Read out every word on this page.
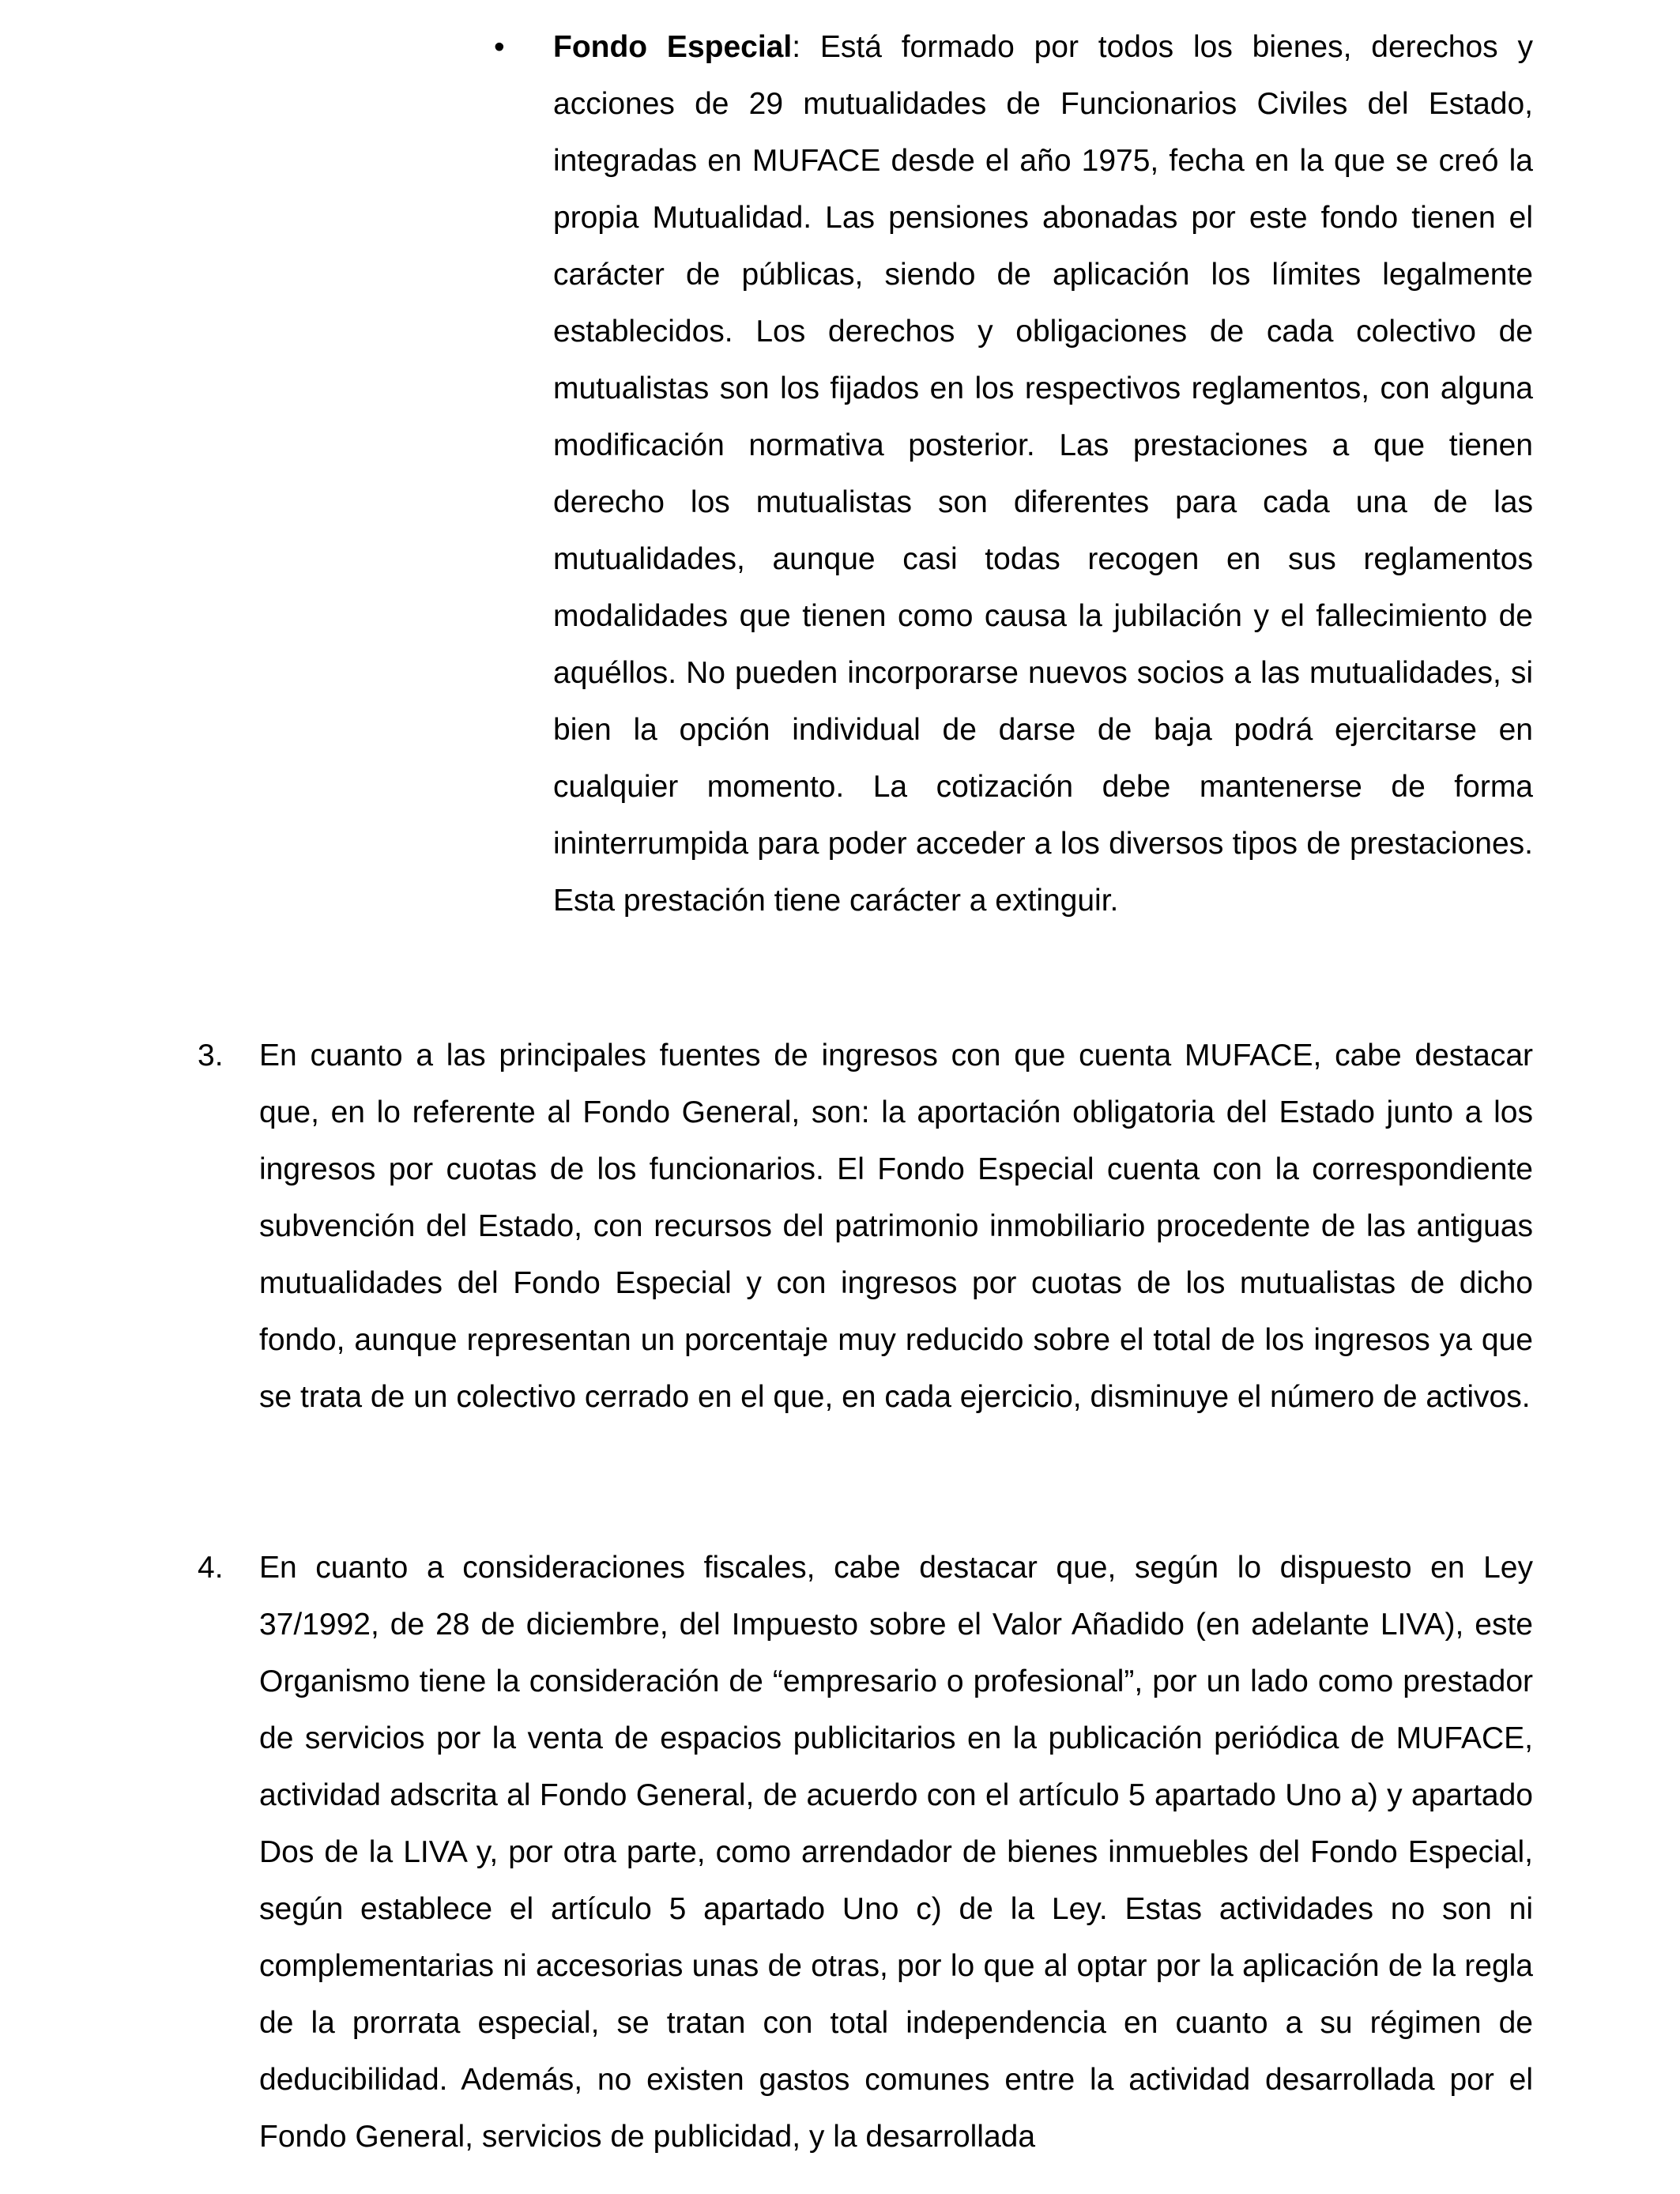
• Fondo Especial: Está formado por todos los bienes, derechos y acciones de 29 mutualidades de Funcionarios Civiles del Estado, integradas en MUFACE desde el año 1975, fecha en la que se creó la propia Mutualidad. Las pensiones abonadas por este fondo tienen el carácter de públicas, siendo de aplicación los límites legalmente establecidos. Los derechos y obligaciones de cada colectivo de mutualistas son los fijados en los respectivos reglamentos, con alguna modificación normativa posterior. Las prestaciones a que tienen derecho los mutualistas son diferentes para cada una de las mutualidades, aunque casi todas recogen en sus reglamentos modalidades que tienen como causa la jubilación y el fallecimiento de aquéllos. No pueden incorporarse nuevos socios a las mutualidades, si bien la opción individual de darse de baja podrá ejercitarse en cualquier momento. La cotización debe mantenerse de forma ininterrumpida para poder acceder a los diversos tipos de prestaciones. Esta prestación tiene carácter a extinguir.

3. En cuanto a las principales fuentes de ingresos con que cuenta MUFACE, cabe destacar que, en lo referente al Fondo General, son: la aportación obligatoria del Estado junto a los ingresos por cuotas de los funcionarios. El Fondo Especial cuenta con la correspondiente subvención del Estado, con recursos del patrimonio inmobiliario procedente de las antiguas mutualidades del Fondo Especial y con ingresos por cuotas de los mutualistas de dicho fondo, aunque representan un porcentaje muy reducido sobre el total de los ingresos ya que se trata de un colectivo cerrado en el que, en cada ejercicio, disminuye el número de activos.

4. En cuanto a consideraciones fiscales, cabe destacar que, según lo dispuesto en Ley 37/1992, de 28 de diciembre, del Impuesto sobre el Valor Añadido (en adelante LIVA), este Organismo tiene la consideración de “empresario o profesional”, por un lado como prestador de servicios por la venta de espacios publicitarios en la publicación periódica de MUFACE, actividad adscrita al Fondo General, de acuerdo con el artículo 5 apartado Uno a) y apartado Dos de la LIVA y, por otra parte, como arrendador de bienes inmuebles del Fondo Especial, según establece el artículo 5 apartado Uno c) de la Ley. Estas actividades no son ni complementarias ni accesorias unas de otras, por lo que al optar por la aplicación de la regla de la prorrata especial, se tratan con total independencia en cuanto a su régimen de deducibilidad. Además, no existen gastos comunes entre la actividad desarrollada por el Fondo General, servicios de publicidad, y la desarrollada
